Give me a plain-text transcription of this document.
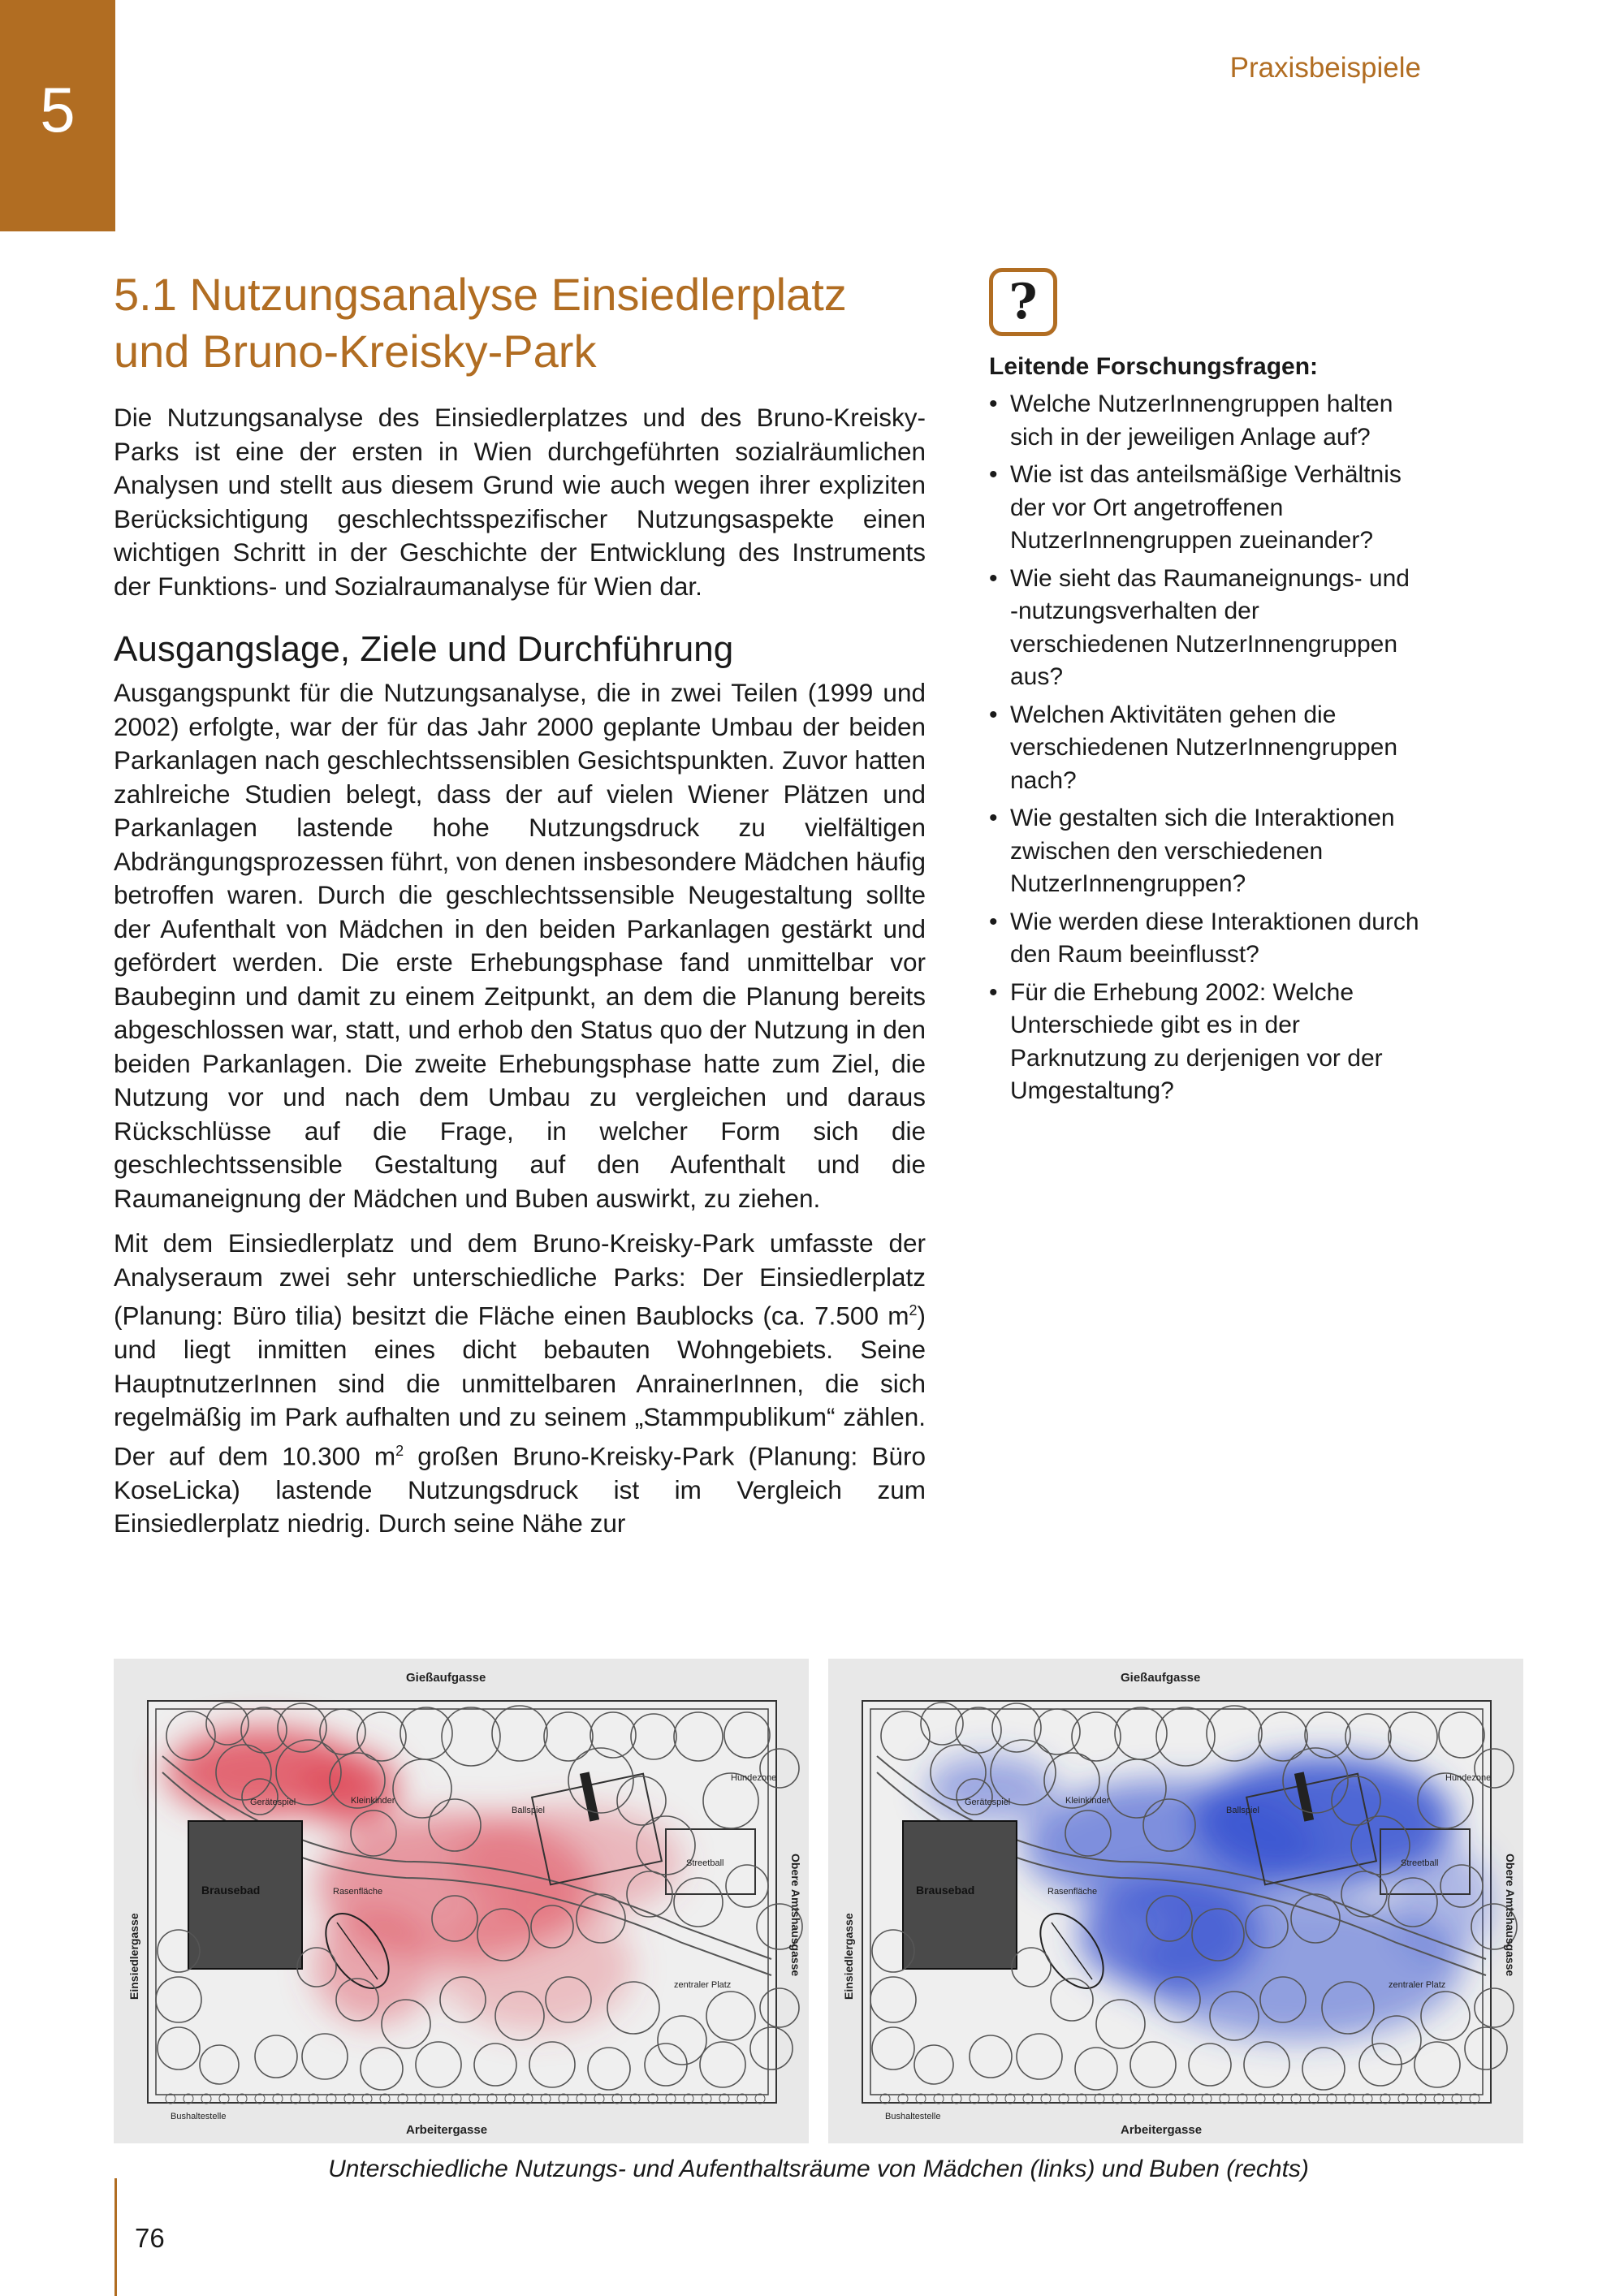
5
Praxisbeispiele
5.1 Nutzungsanalyse Einsiedlerplatz
und Bruno-Kreisky-Park

Die Nutzungsanalyse des Einsiedlerplatzes und des Bruno-Kreisky-Parks ist eine der ersten in Wien durchgeführten sozialräumlichen Analysen und stellt aus diesem Grund wie auch wegen ihrer expliziten Berücksichtigung geschlechtsspezifischer Nutzungsaspekte einen wichtigen Schritt in der Geschichte der Entwicklung des Instruments der Funktions- und Sozialraumanalyse für Wien dar.

Ausgangslage, Ziele und Durchführung

Ausgangspunkt für die Nutzungsanalyse, die in zwei Teilen (1999 und 2002) erfolgte, war der für das Jahr 2000 geplante Umbau der beiden Parkanlagen nach geschlechtssensiblen Gesichtspunkten. Zuvor hatten zahlreiche Studien belegt, dass der auf vielen Wiener Plätzen und Parkanlagen lastende hohe Nutzungsdruck zu vielfältigen Abdrängungsprozessen führt, von denen insbesondere Mädchen häufig betroffen waren. Durch die geschlechtssensible Neugestaltung sollte der Aufenthalt von Mädchen in den beiden Parkanlagen gestärkt und gefördert werden. Die erste Erhebungsphase fand unmittelbar vor Baubeginn und damit zu einem Zeitpunkt, an dem die Planung bereits abgeschlossen war, statt, und erhob den Status quo der Nutzung in den beiden Parkanlagen. Die zweite Erhebungsphase hatte zum Ziel, die Nutzung vor und nach dem Umbau zu vergleichen und daraus Rückschlüsse auf die Frage, in welcher Form sich die geschlechtssensible Gestaltung auf den Aufenthalt und die Raumaneignung der Mädchen und Buben auswirkt, zu ziehen.

Mit dem Einsiedlerplatz und dem Bruno-Kreisky-Park umfasste der Analyseraum zwei sehr unterschiedliche Parks: Der Einsiedlerplatz (Planung: Büro tilia) besitzt die Fläche einen Baublocks (ca. 7.500 $m^2$) und liegt inmitten eines dicht bebauten Wohngebiets. Seine HauptnutzerInnen sind die unmittelbaren AnrainerInnen, die sich regelmäßig im Park aufhalten und zu seinem „Stammpublikum“ zählen. Der auf dem 10.300 $m^2$ großen Bruno-Kreisky-Park (Planung: Büro KoseLicka) lastende Nutzungsdruck ist im Vergleich zum Einsiedlerplatz niedrig. Durch seine Nähe zur

?
Leitende Forschungsfragen:
• Welche NutzerInnengruppen halten sich in der jeweiligen Anlage auf?
• Wie ist das anteilsmäßige Verhältnis der vor Ort angetroffenen NutzerInnengruppen zueinander?
• Wie sieht das Raumaneignungs- und -nutzungsverhalten der verschiedenen NutzerInnengruppen aus?
• Welchen Aktivitäten gehen die verschiedenen NutzerInnengruppen nach?
• Wie gestalten sich die Interaktionen zwischen den verschiedenen NutzerInnengruppen?
• Wie werden diese Interaktionen durch den Raum beeinflusst?
• Für die Erhebung 2002: Welche Unterschiede gibt es in der Parknutzung zu derjenigen vor der Umgestaltung?
Gießaufgasse
Arbeitergasse
Einsiedlergasse	Obere Amtshausgasse
Brausebad
Gerätespiel	Kleinkinder
Ballspiel
Hundezone
Streetball
Rasenfläche
zentraler Platz
Bushaltestelle
Gießaufgasse
Arbeitergasse
Einsiedlergasse	Obere Amtshausgasse
Brausebad
Gerätespiel	Kleinkinder
Ballspiel
Hundezone
Streetball
Rasenfläche
zentraler Platz
Bushaltestelle
Unterschiedliche Nutzungs- und Aufenthaltsräume von Mädchen (links) und Buben (rechts)
76
